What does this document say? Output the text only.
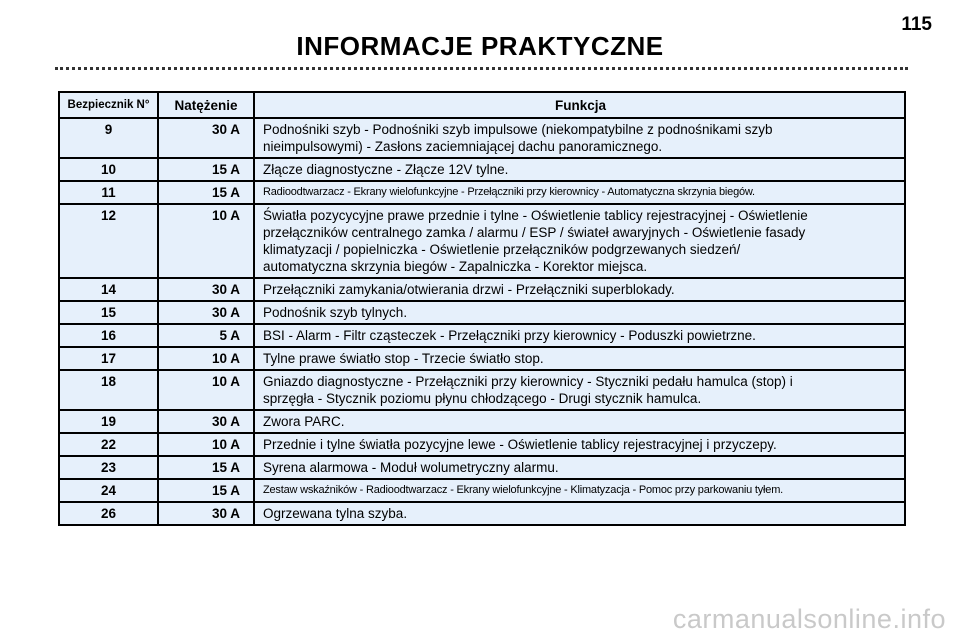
115
INFORMACJE PRAKTYCZNE
Bezpiecznik N°	Natężenie	Funkcja
9	30 A	Podnośniki szyb - Podnośniki szyb impulsowe (niekompatybilne z podnośnikami szyb
nieimpulsowymi) - Zasłons zaciemniającej dachu panoramicznego.

10	15 A	Złącze diagnostyczne - Złącze 12V tylne.

11	15 A	Radioodtwarzacz - Ekrany wielofunkcyjne - Przełączniki przy kierownicy - Automatyczna skrzynia biegów.

12	10 A	Światła pozycycyjne prawe przednie i tylne - Oświetlenie tablicy rejestracyjnej - Oświetlenie
przełączników centralnego zamka / alarmu / ESP / świateł awaryjnych - Oświetlenie fasady
klimatyzacji / popielniczka - Oświetlenie przełączników podgrzewanych siedzeń/
automatyczna skrzynia biegów - Zapalniczka - Korektor miejsca.

14	30 A	Przełączniki zamykania/otwierania drzwi - Przełączniki superblokady.

15	30 A	Podnośnik szyb tylnych.

16	5 A	BSI - Alarm - Filtr cząsteczek - Przełączniki przy kierownicy - Poduszki powietrzne.

17	10 A	Tylne prawe światło stop - Trzecie światło stop.

18	10 A	Gniazdo diagnostyczne - Przełączniki przy kierownicy - Styczniki pedału hamulca (stop) i
sprzęgła - Stycznik poziomu płynu chłodzącego - Drugi stycznik hamulca.

19	30 A	Zwora PARC.

22	10 A	Przednie i tylne światła pozycyjne lewe - Oświetlenie tablicy rejestracyjnej i przyczepy.

23	15 A	Syrena alarmowa - Moduł wolumetryczny alarmu.

24	15 A	Zestaw wskaźników - Radioodtwarzacz - Ekrany wielofunkcyjne - Klimatyzacja - Pomoc przy parkowaniu tyłem.

26	30 A	Ogrzewana tylna szyba.
carmanualsonline.info
